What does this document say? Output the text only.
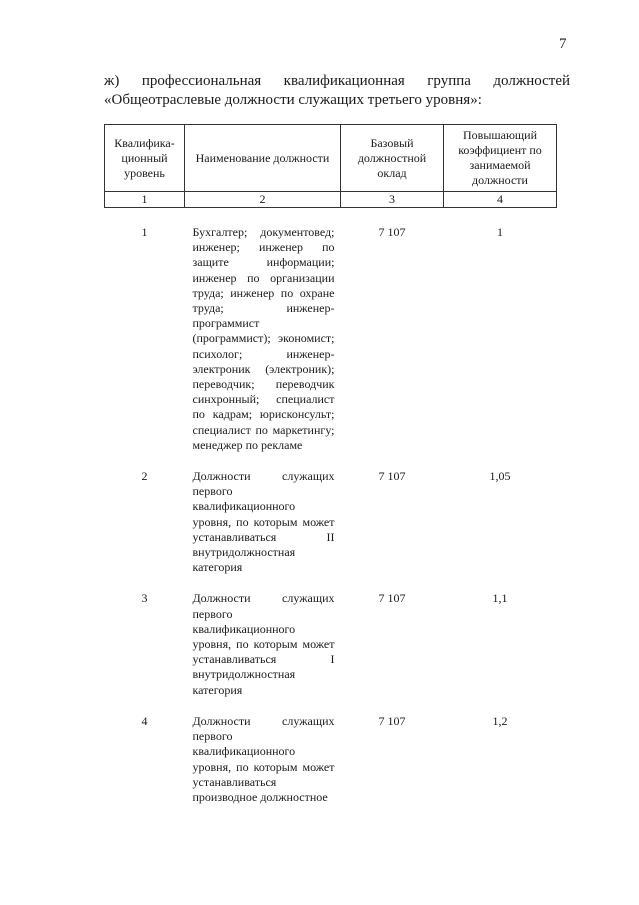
7
ж) профессиональная квалификационная группа должностей
«Общеотраслевые должности служащих третьего уровня»:
Квалифика-ционный уровень	Наименование должности	Базовый должностной оклад	Повышающий коэффициент по занимаемой должности
1	2	3	4
1	Бухгалтер; документовед; инженер; инженер по защите информации; инженер по организации труда; инженер по охране труда; инженер-программист (программист); экономист; психолог; инженер-электроник (электроник); переводчик; переводчик синхронный; специалист по кадрам; юрисконсульт; специалист по маркетингу; менеджер по рекламе	7 107	1
2	Должности служащих первого квалификационного уровня, по которым может устанавливаться II внутридолжностная категория	7 107	1,05
3	Должности служащих первого квалификационного уровня, по которым может устанавливаться I внутридолжностная категория	7 107	1,1
4	Должности служащих первого квалификационного уровня, по которым может устанавливаться производное должностное	7 107	1,2
